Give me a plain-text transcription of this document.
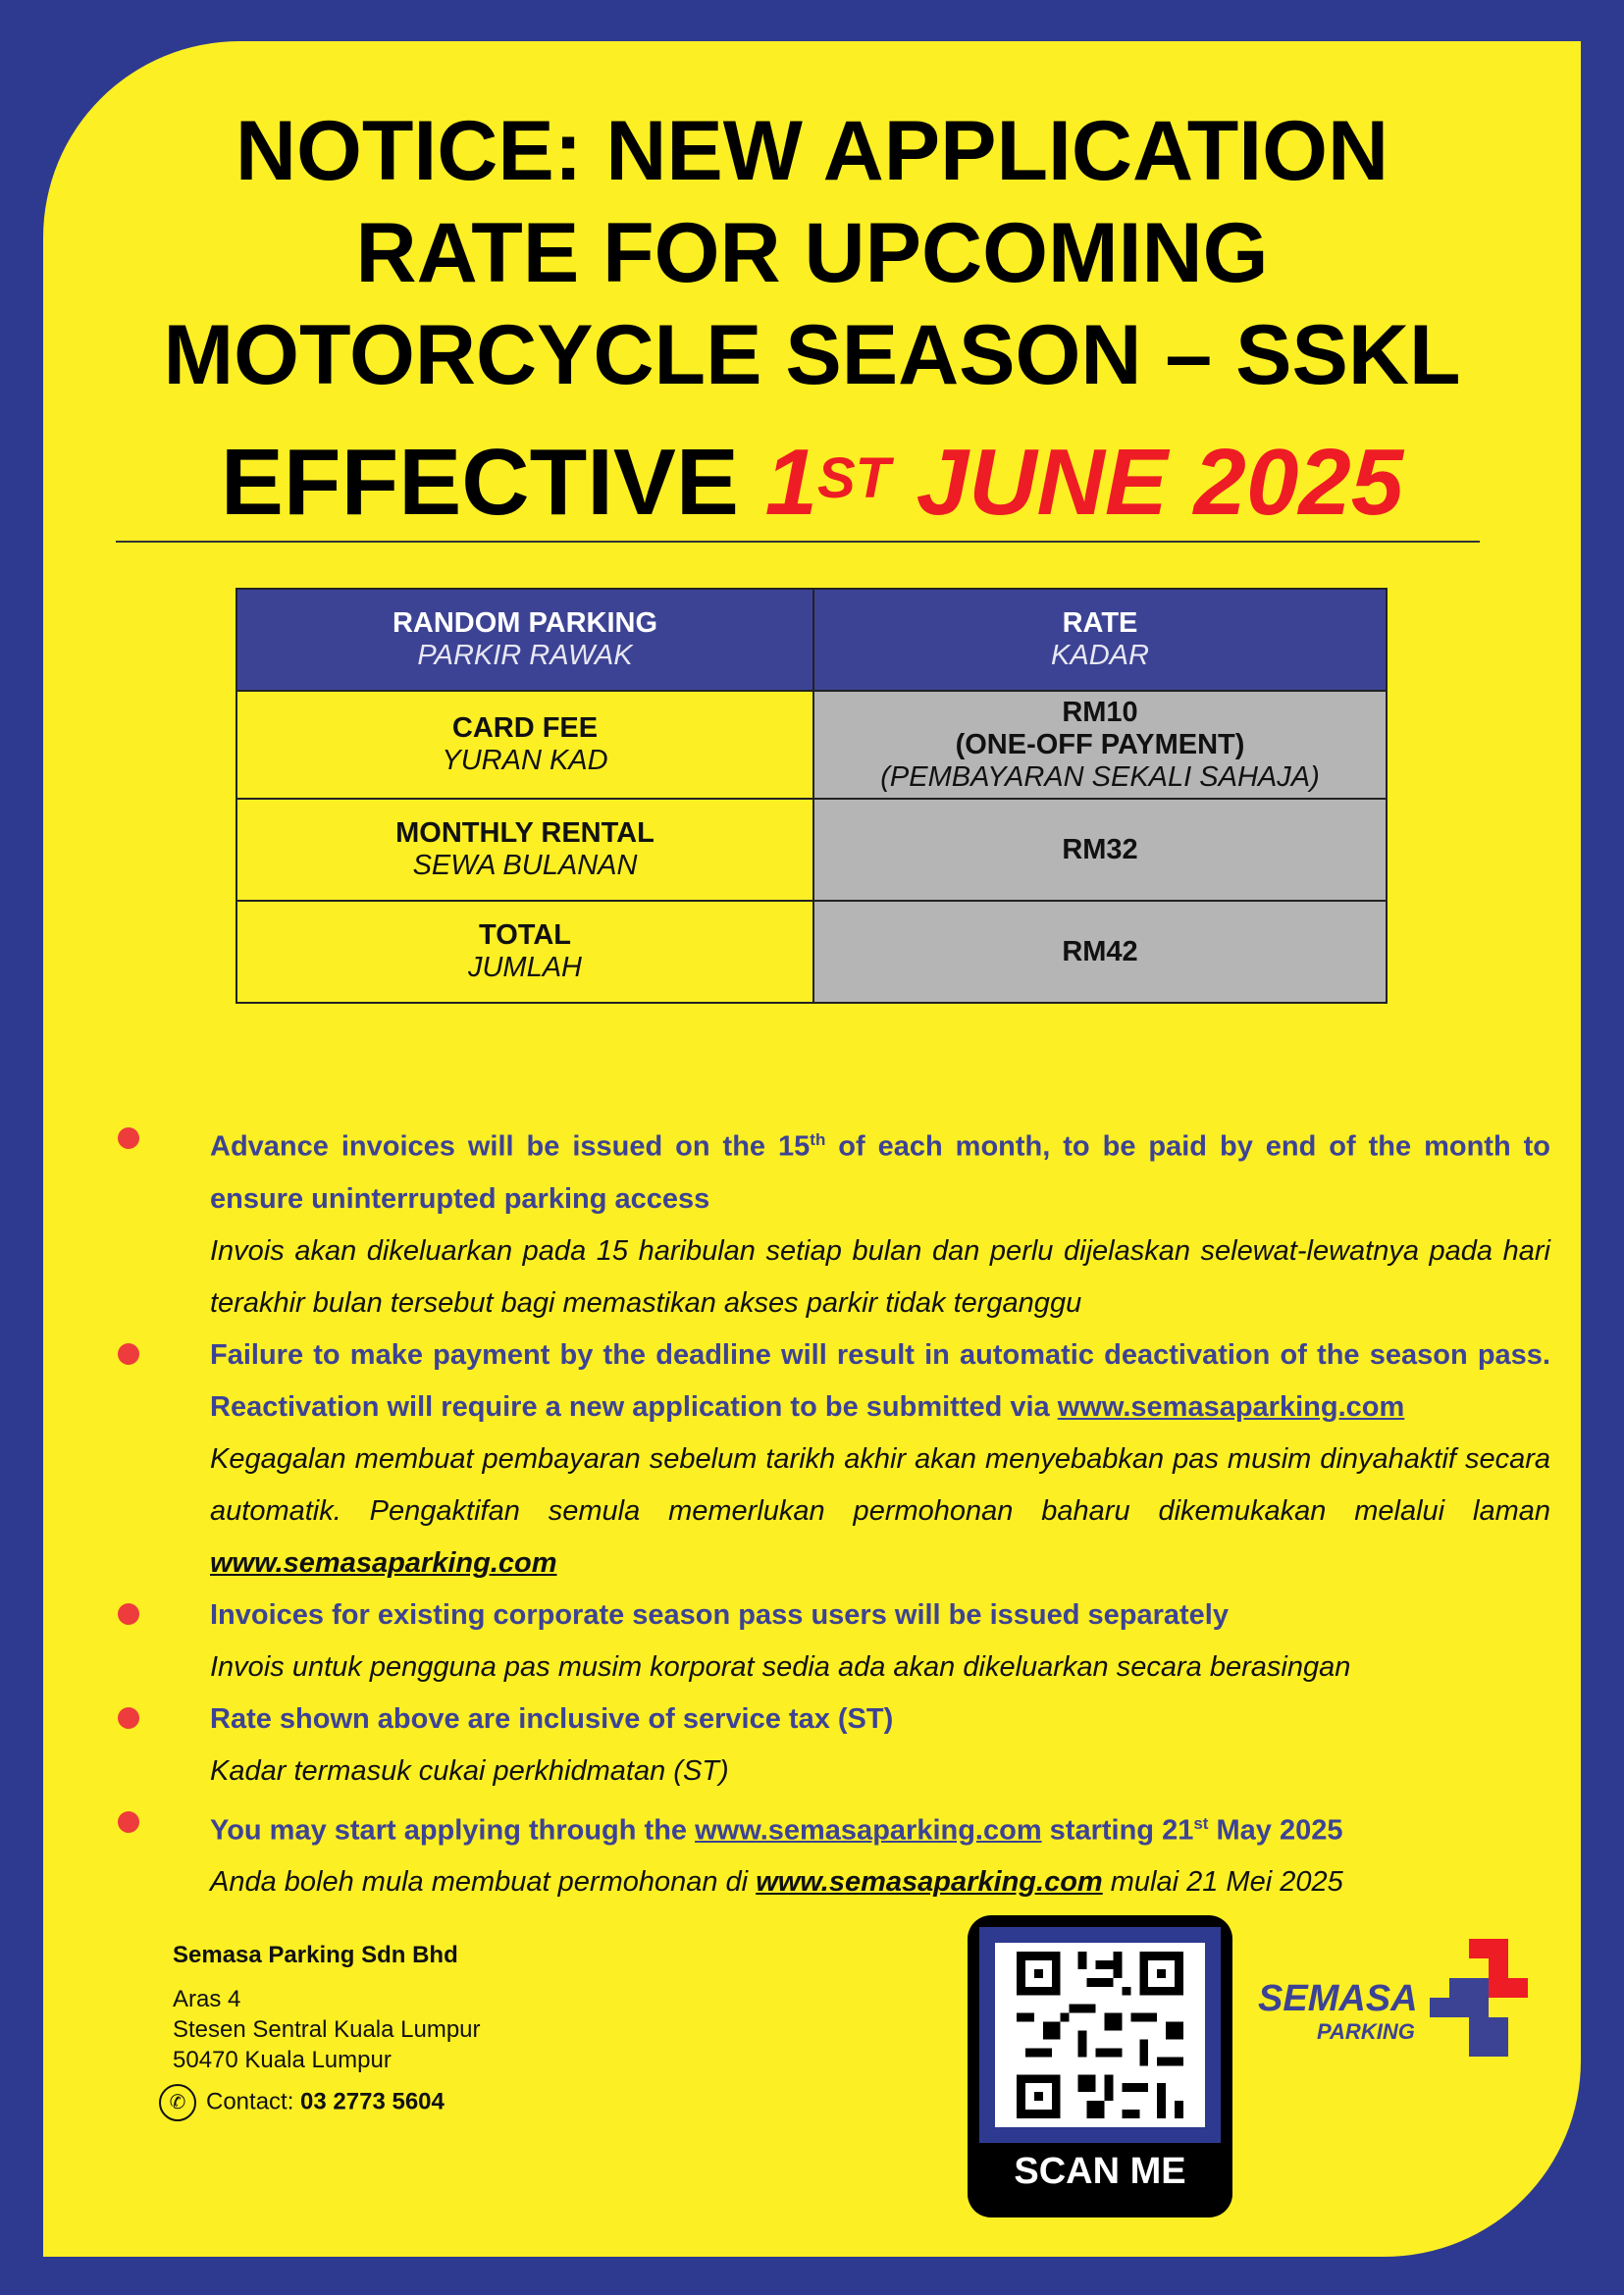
NOTICE: NEW APPLICATION
RATE FOR UPCOMING
MOTORCYCLE SEASON – SSKL
EFFECTIVE 1ST JUNE 2025
RANDOM PARKING
PARKIR RAWAK	RATE
KADAR

CARD FEE
YURAN KAD	RM10
(ONE-OFF PAYMENT)
(PEMBAYARAN SEKALI SAHAJA)

MONTHLY RENTAL
SEWA BULANAN	RM32

TOTAL
JUMLAH	RM42
Advance invoices will be issued on the 15th of each month, to be paid by end of the month to ensure uninterrupted parking access
Invois akan dikeluarkan pada 15 haribulan setiap bulan dan perlu dijelaskan selewat-lewatnya pada hari terakhir bulan tersebut bagi memastikan akses parkir tidak terganggu
Failure to make payment by the deadline will result in automatic deactivation of the season pass. Reactivation will require a new application to be submitted via www.semasaparking.com
Kegagalan membuat pembayaran sebelum tarikh akhir akan menyebabkan pas musim dinyahaktif secara automatik. Pengaktifan semula memerlukan permohonan baharu dikemukakan melalui laman www.semasaparking.com
Invoices for existing corporate season pass users will be issued separately
Invois untuk pengguna pas musim korporat sedia ada akan dikeluarkan secara berasingan
Rate shown above are inclusive of service tax (ST)
Kadar termasuk cukai perkhidmatan (ST)
You may start applying through the www.semasaparking.com starting 21st May 2025
Anda boleh mula membuat permohonan di www.semasaparking.com mulai 21 Mei 2025
Semasa Parking Sdn Bhd
Aras 4
Stesen Sentral Kuala Lumpur
50470 Kuala Lumpur
✆ Contact: 03 2773 5604
SCAN ME
SEMASA
PARKING
